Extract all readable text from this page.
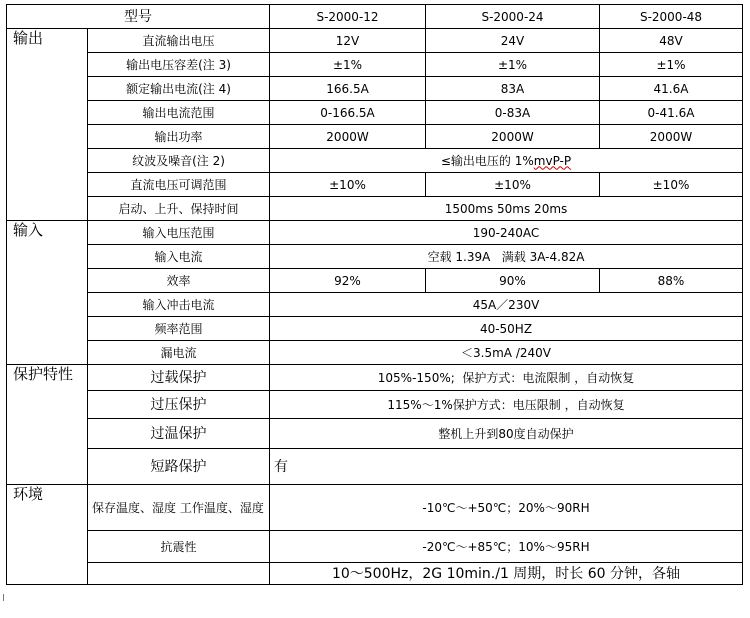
型号		S-2000-12	S-2000-24	S-2000-48
输出	直流输出电压	12V	24V	48V
	输出电压容差(注 3)	±1%	±1%	±1%
	额定输出电流(注 4)	166.5A	83A	41.6A
	输出电流范围	0-166.5A	0-83A	0-41.6A
	输出功率	2000W	2000W	2000W
	纹波及噪音(注 2)	≤输出电压的 1%mvP-P		
	直流电压可调范围	±10%	±10%	±10%
	启动、上升、保持时间	1500ms 50ms 20ms		
输入	输入电压范围	190-240AC		
	输入电流	空载 1.39A   满载 3A-4.82A		
	效率	92%	90%	88%
	输入冲击电流	45A／230V		
	频率范围	40-50HZ		
	漏电流	＜3.5mA /240V		
保护特性	过载保护	105%-150%;  保护方式：电流限制 ，自动恢复		
	过压保护	115%～1%保护方式：电压限制 ，自动恢复		
	过温保护	整机上升到80度自动保护		
	短路保护	有		
环境	保存温度、湿度 工作温度、湿度	-10℃～+50℃；20%～90RH		
	抗震性	-20℃～+85℃；10%～95RH		
		10～500Hz，2G 10min./1 周期，时长 60 分钟，各轴		
